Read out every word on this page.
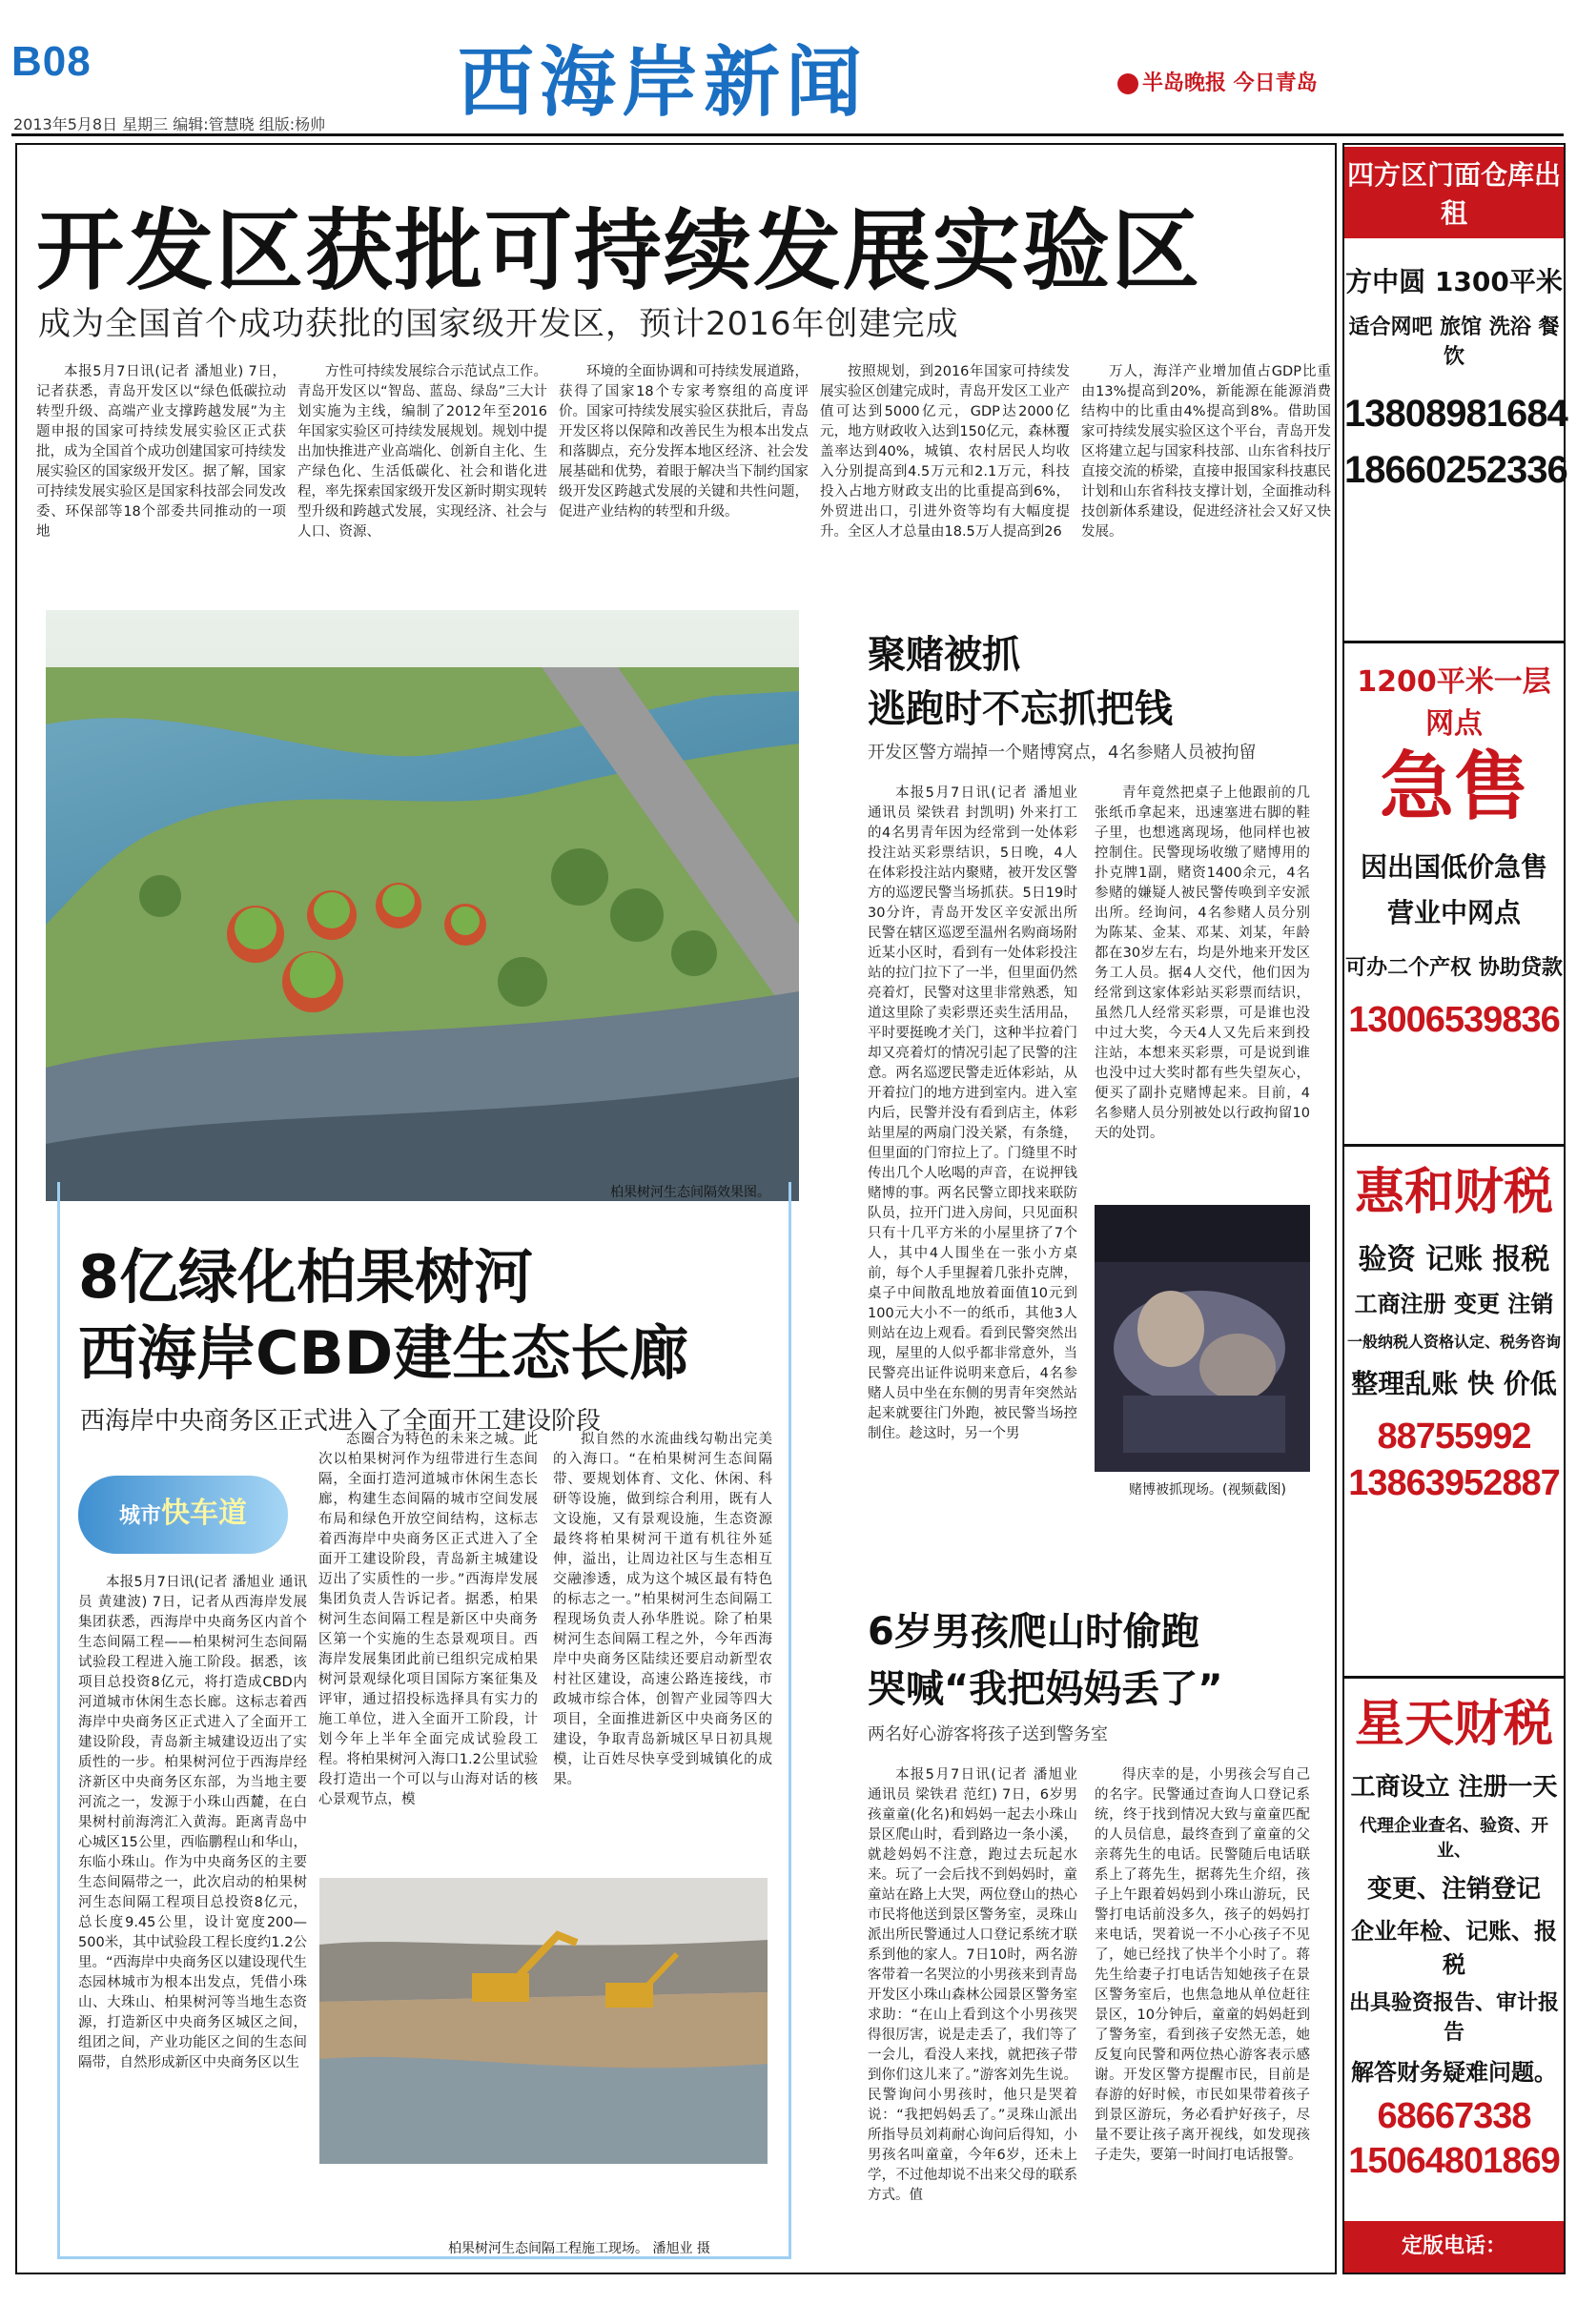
B08	西海岸新闻	半岛晚报 今日青岛
2013年5月8日 星期三 编辑:管慧晓 组版:杨帅
开发区获批可持续发展实验区
成为全国首个成功获批的国家级开发区，预计2016年创建完成

本报5月7日讯(记者 潘旭业) 7日，记者获悉，青岛开发区以“绿色低碳拉动转型升级、高端产业支撑跨越发展”为主题申报的国家可持续发展实验区正式获批，成为全国首个成功创建国家可持续发展实验区的国家级开发区。据了解，国家可持续发展实验区是国家科技部会同发改委、环保部等18个部委共同推动的一项地

方性可持续发展综合示范试点工作。青岛开发区以“智岛、蓝岛、绿岛”三大计划实施为主线，编制了2012年至2016年国家实验区可持续发展规划。规划中提出加快推进产业高端化、创新自主化、生产绿色化、生活低碳化、社会和谐化进程，率先探索国家级开发区新时期实现转型升级和跨越式发展，实现经济、社会与人口、资源、

环境的全面协调和可持续发展道路，获得了国家18个专家考察组的高度评价。国家可持续发展实验区获批后，青岛开发区将以保障和改善民生为根本出发点和落脚点，充分发挥本地区经济、社会发展基础和优势，着眼于解决当下制约国家级开发区跨越式发展的关键和共性问题，促进产业结构的转型和升级。

按照规划，到2016年国家可持续发展实验区创建完成时，青岛开发区工业产值可达到5000亿元，GDP达2000亿元，地方财政收入达到150亿元，森林覆盖率达到40%，城镇、农村居民人均收入分别提高到4.5万元和2.1万元，科技投入占地方财政支出的比重提高到6%，外贸进出口，引进外资等均有大幅度提升。全区人才总量由18.5万人提高到26

万人，海洋产业增加值占GDP比重由13%提高到20%，新能源在能源消费结构中的比重由4%提高到8%。借助国家可持续发展实验区这个平台，青岛开发区将建立起与国家科技部、山东省科技厅直接交流的桥梁，直接申报国家科技惠民计划和山东省科技支撑计划，全面推动科技创新体系建设，促进经济社会又好又快发展。

柏果树河生态间隔效果图。
8亿绿化柏果树河
西海岸CBD建生态长廊
西海岸中央商务区正式进入了全面开工建设阶段
城市快车道

本报5月7日讯(记者 潘旭业 通讯员 黄建波) 7日，记者从西海岸发展集团获悉，西海岸中央商务区内首个生态间隔工程——柏果树河生态间隔试验段工程进入施工阶段。据悉，该项目总投资8亿元，将打造成CBD内河道城市休闲生态长廊。这标志着西海岸中央商务区正式进入了全面开工建设阶段，青岛新主城建设迈出了实质性的一步。柏果树河位于西海岸经济新区中央商务区东部，为当地主要河流之一，发源于小珠山西麓，在白果树村前海湾汇入黄海。距离青岛中心城区15公里，西临鹏程山和华山，东临小珠山。作为中央商务区的主要生态间隔带之一，此次启动的柏果树河生态间隔工程项目总投资8亿元，总长度9.45公里，设计宽度200—500米，其中试验段工程长度约1.2公里。“西海岸中央商务区以建设现代生态园林城市为根本出发点，凭借小珠山、大珠山、柏果树河等当地生态资源，打造新区中央商务区城区之间，组团之间，产业功能区之间的生态间隔带，自然形成新区中央商务区以生

态圈合为特色的未来之城。此次以柏果树河作为纽带进行生态间隔，全面打造河道城市休闲生态长廊，构建生态间隔的城市空间发展布局和绿色开放空间结构，这标志着西海岸中央商务区正式进入了全面开工建设阶段，青岛新主城建设迈出了实质性的一步。”西海岸发展集团负责人告诉记者。据悉，柏果树河生态间隔工程是新区中央商务区第一个实施的生态景观项目。西海岸发展集团此前已组织完成柏果树河景观绿化项目国际方案征集及评审，通过招投标选择具有实力的施工单位，进入全面开工阶段，计划今年上半年全面完成试验段工程。将柏果树河入海口1.2公里试验段打造出一个可以与山海对话的核心景观节点，模

拟自然的水流曲线勾勒出完美的入海口。“在柏果树河生态间隔带、要规划体育、文化、休闲、科研等设施，做到综合利用，既有人文设施，又有景观设施，生态资源最终将柏果树河干道有机往外延伸，溢出，让周边社区与生态相互交融渗透，成为这个城区最有特色的标志之一。”柏果树河生态间隔工程现场负责人孙华胜说。除了柏果树河生态间隔工程之外，今年西海岸中央商务区陆续还要启动新型农村社区建设，高速公路连接线，市政城市综合体，创智产业园等四大项目，全面推进新区中央商务区的建设，争取青岛新城区早日初具规模，让百姓尽快享受到城镇化的成果。

柏果树河生态间隔工程施工现场。 潘旭业 摄
聚赌被抓
逃跑时不忘抓把钱
开发区警方端掉一个赌博窝点，4名参赌人员被拘留

本报5月7日讯(记者 潘旭业 通讯员 梁铁君 封凯明) 外来打工的4名男青年因为经常到一处体彩投注站买彩票结识，5日晚，4人在体彩投注站内聚赌，被开发区警方的巡逻民警当场抓获。5日19时30分许，青岛开发区辛安派出所民警在辖区巡逻至温州名购商场附近某小区时，看到有一处体彩投注站的拉门拉下了一半，但里面仍然亮着灯，民警对这里非常熟悉，知道这里除了卖彩票还卖生活用品，平时要挺晚才关门，这种半拉着门却又亮着灯的情况引起了民警的注意。两名巡逻民警走近体彩站，从开着拉门的地方进到室内。进入室内后，民警并没有看到店主，体彩站里屋的两扇门没关紧，有条缝，但里面的门帘拉上了。门缝里不时传出几个人吆喝的声音，在说押钱赌博的事。两名民警立即找来联防队员，拉开门进入房间，只见面积只有十几平方米的小屋里挤了7个人，其中4人围坐在一张小方桌前，每个人手里握着几张扑克牌，桌子中间散乱地放着面值10元到100元大小不一的纸币，其他3人则站在边上观看。看到民警突然出现，屋里的人似乎都非常意外，当民警亮出证件说明来意后，4名参赌人员中坐在东侧的男青年突然站起来就要往门外跑，被民警当场控制住。趁这时，另一个男

青年竟然把桌子上他跟前的几张纸币拿起来，迅速塞进右脚的鞋子里，也想逃离现场，他同样也被控制住。民警现场收缴了赌博用的扑克牌1副，赌资1400余元，4名参赌的嫌疑人被民警传唤到辛安派出所。经询问，4名参赌人员分别为陈某、金某、邓某、刘某，年龄都在30岁左右，均是外地来开发区务工人员。据4人交代，他们因为经常到这家体彩站买彩票而结识，虽然几人经常买彩票，可是谁也没中过大奖，今天4人又先后来到投注站，本想来买彩票，可是说到谁也没中过大奖时都有些失望灰心，便买了副扑克赌博起来。目前，4名参赌人员分别被处以行政拘留10天的处罚。

赌博被抓现场。(视频截图)
6岁男孩爬山时偷跑
哭喊“我把妈妈丢了”
两名好心游客将孩子送到警务室

本报5月7日讯(记者 潘旭业 通讯员 梁铁君 范红) 7日，6岁男孩童童(化名)和妈妈一起去小珠山景区爬山时，看到路边一条小溪，就趁妈妈不注意，跑过去玩起水来。玩了一会后找不到妈妈时，童童站在路上大哭，两位登山的热心市民将他送到景区警务室，灵珠山派出所民警通过人口登记系统才联系到他的家人。7日10时，两名游客带着一名哭泣的小男孩来到青岛开发区小珠山森林公园景区警务室求助：“在山上看到这个小男孩哭得很厉害，说是走丢了，我们等了一会儿，看没人来找，就把孩子带到你们这儿来了。”游客刘先生说。民警询问小男孩时，他只是哭着说：“我把妈妈丢了。”灵珠山派出所指导员刘莉耐心询问后得知，小男孩名叫童童，今年6岁，还未上学，不过他却说不出来父母的联系方式。值

得庆幸的是，小男孩会写自己的名字。民警通过查询人口登记系统，终于找到情况大致与童童匹配的人员信息，最终查到了童童的父亲蒋先生的电话。民警随后电话联系上了蒋先生，据蒋先生介绍，孩子上午跟着妈妈到小珠山游玩，民警打电话前没多久，孩子的妈妈打来电话，哭着说一不小心孩子不见了，她已经找了快半个小时了。蒋先生给妻子打电话告知她孩子在景区警务室后，也焦急地从单位赶往景区，10分钟后，童童的妈妈赶到了警务室，看到孩子安然无恙，她反复向民警和两位热心游客表示感谢。开发区警方提醒市民，目前是春游的好时候，市民如果带着孩子到景区游玩，务必看护好孩子，尽量不要让孩子离开视线，如发现孩子走失，要第一时间打电话报警。

四方区门面仓库出租
方中圆 1300平米
适合网吧 旅馆 洗浴 餐饮
13808981684
18660252336
1200平米一层网点
急售
因出国低价急售
营业中网点
可办二个产权 协助贷款
13006539836
惠和财税
验资 记账 报税
工商注册 变更 注销
一般纳税人资格认定、税务咨询
整理乱账 快 价低
88755992
13863952887
星天财税
工商设立 注册一天
代理企业查名、验资、开业、
变更、注销登记
企业年检、记账、报税
出具验资报告、审计报告
解答财务疑难问题。
68667338
15064801869
定版电话：81186679
